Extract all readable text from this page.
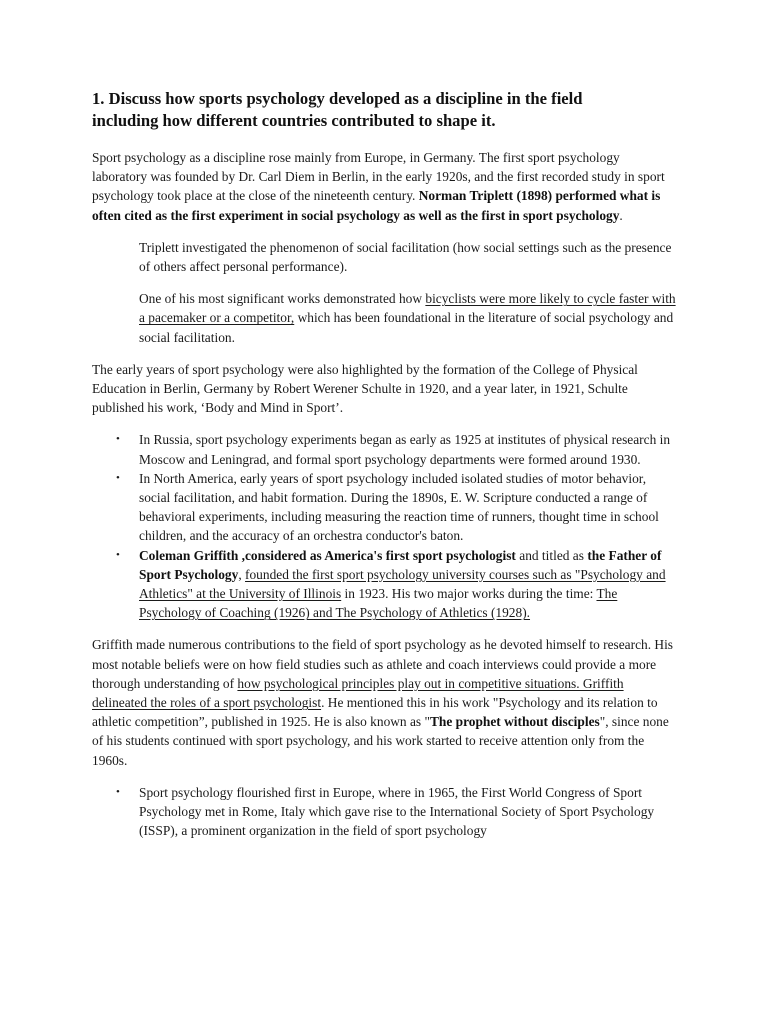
1. Discuss how sports psychology developed as a discipline in the field
including how different countries contributed to shape it.

Sport psychology as a discipline rose mainly from Europe, in Germany. The first sport psychology laboratory was founded by Dr. Carl Diem in Berlin, in the early 1920s, and the first recorded study in sport psychology took place at the close of the nineteenth century. Norman Triplett (1898) performed what is often cited as the first experiment in social psychology as well as the first in sport psychology.

Triplett investigated the phenomenon of social facilitation (how social settings such as the presence of others affect personal performance).

One of his most significant works demonstrated how bicyclists were more likely to cycle faster with a pacemaker or a competitor, which has been foundational in the literature of social psychology and social facilitation.

The early years of sport psychology were also highlighted by the formation of the College of Physical Education in Berlin, Germany by Robert Werener Schulte in 1920, and a year later, in 1921, Schulte published his work, ‘Body and Mind in Sport’.

• In Russia, sport psychology experiments began as early as 1925 at institutes of physical research in Moscow and Leningrad, and formal sport psychology departments were formed around 1930.
• In North America, early years of sport psychology included isolated studies of motor behavior, social facilitation, and habit formation. During the 1890s, E. W. Scripture conducted a range of behavioral experiments, including measuring the reaction time of runners, thought time in school children, and the accuracy of an orchestra conductor's baton.
• Coleman Griffith ,considered as America's first sport psychologist and titled as the Father of Sport Psychology, founded the first sport psychology university courses such as "Psychology and Athletics" at the University of Illinois in 1923. His two major works during the time: The Psychology of Coaching (1926) and The Psychology of Athletics (1928).

Griffith made numerous contributions to the field of sport psychology as he devoted himself to research. His most notable beliefs were on how field studies such as athlete and coach interviews could provide a more thorough understanding of how psychological principles play out in competitive situations. Griffith delineated the roles of a sport psychologist. He mentioned this in his work "Psychology and its relation to athletic competition”, published in 1925. He is also known as "The prophet without disciples", since none of his students continued with sport psychology, and his work started to receive attention only from the 1960s.

• Sport psychology flourished first in Europe, where in 1965, the First World Congress of Sport Psychology met in Rome, Italy which gave rise to the International Society of Sport Psychology (ISSP), a prominent organization in the field of sport psychology
